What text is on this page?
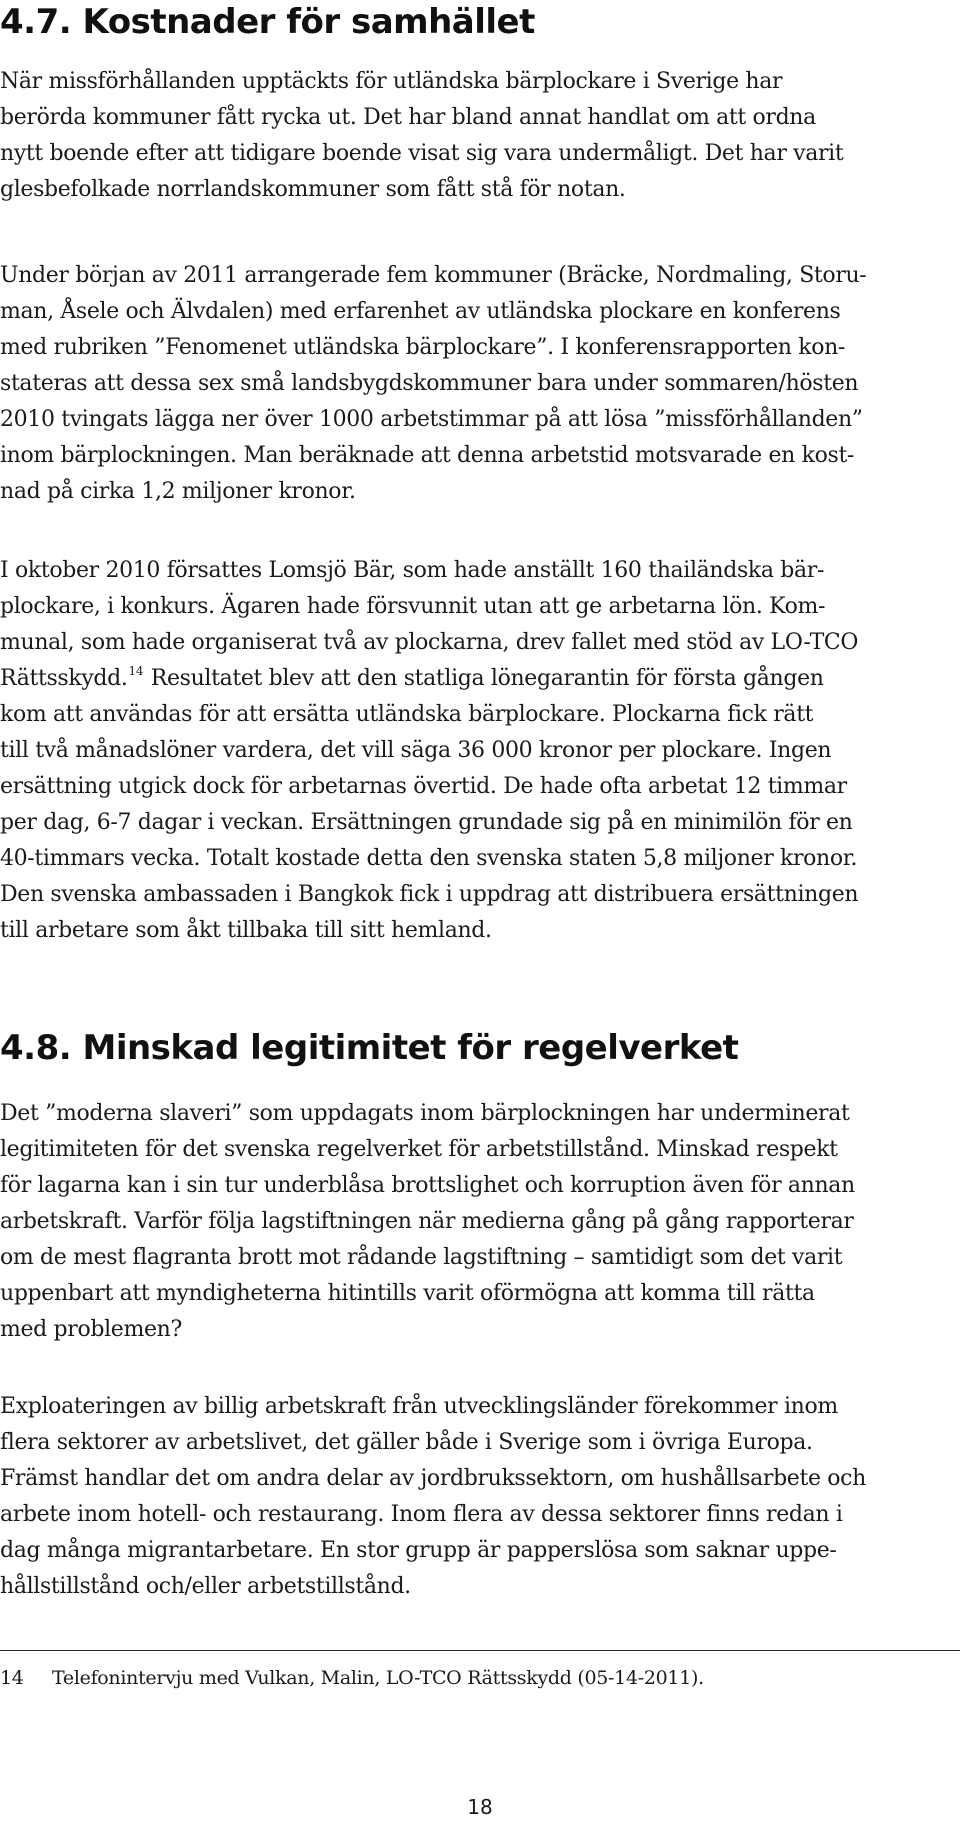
4.7. Kostnader för samhället
När missförhållanden upptäckts för utländska bärplockare i Sverige har
berörda kommuner fått rycka ut. Det har bland annat handlat om att ordna
nytt boende efter att tidigare boende visat sig vara undermåligt. Det har varit
glesbefolkade norrlandskommuner som fått stå för notan.
Under början av 2011 arrangerade fem kommuner (Bräcke, Nordmaling, Storu-
man, Åsele och Älvdalen) med erfarenhet av utländska plockare en konferens
med rubriken ”Fenomenet utländska bärplockare”. I konferensrapporten kon-
stateras att dessa sex små landsbygdskommuner bara under sommaren/hösten
2010 tvingats lägga ner över 1000 arbetstimmar på att lösa ”missförhållanden”
inom bärplockningen. Man beräknade att denna arbetstid motsvarade en kost-
nad på cirka 1,2 miljoner kronor.
I oktober 2010 försattes Lomsjö Bär, som hade anställt 160 thailändska bär-
plockare, i konkurs. Ägaren hade försvunnit utan att ge arbetarna lön. Kom-
munal, som hade organiserat två av plockarna, drev fallet med stöd av LO-TCO
Rättsskydd.$^{14}$ Resultatet blev att den statliga lönegarantin för första gången
kom att användas för att ersätta utländska bärplockare. Plockarna fick rätt
till två månadslöner vardera, det vill säga 36 000 kronor per plockare. Ingen
ersättning utgick dock för arbetarnas övertid. De hade ofta arbetat 12 timmar
per dag, 6-7 dagar i veckan. Ersättningen grundade sig på en minimilön för en
40-timmars vecka. Totalt kostade detta den svenska staten 5,8 miljoner kronor.
Den svenska ambassaden i Bangkok fick i uppdrag att distribuera ersättningen
till arbetare som åkt tillbaka till sitt hemland.
4.8. Minskad legitimitet för regelverket
Det ”moderna slaveri” som uppdagats inom bärplockningen har underminerat
legitimiteten för det svenska regelverket för arbetstillstånd. Minskad respekt
för lagarna kan i sin tur underblåsa brottslighet och korruption även för annan
arbetskraft. Varför följa lagstiftningen när medierna gång på gång rapporterar
om de mest flagranta brott mot rådande lagstiftning – samtidigt som det varit
uppenbart att myndigheterna hitintills varit oförmögna att komma till rätta
med problemen?
Exploateringen av billig arbetskraft från utvecklingsländer förekommer inom
flera sektorer av arbetslivet, det gäller både i Sverige som i övriga Europa.
Främst handlar det om andra delar av jordbrukssektorn, om hushållsarbete och
arbete inom hotell- och restaurang. Inom flera av dessa sektorer finns redan i
dag många migrantarbetare. En stor grupp är papperslösa som saknar uppe-
hållstillstånd och/eller arbetstillstånd.
14 Telefonintervju med Vulkan, Malin, LO-TCO Rättsskydd (05-14-2011).
18
